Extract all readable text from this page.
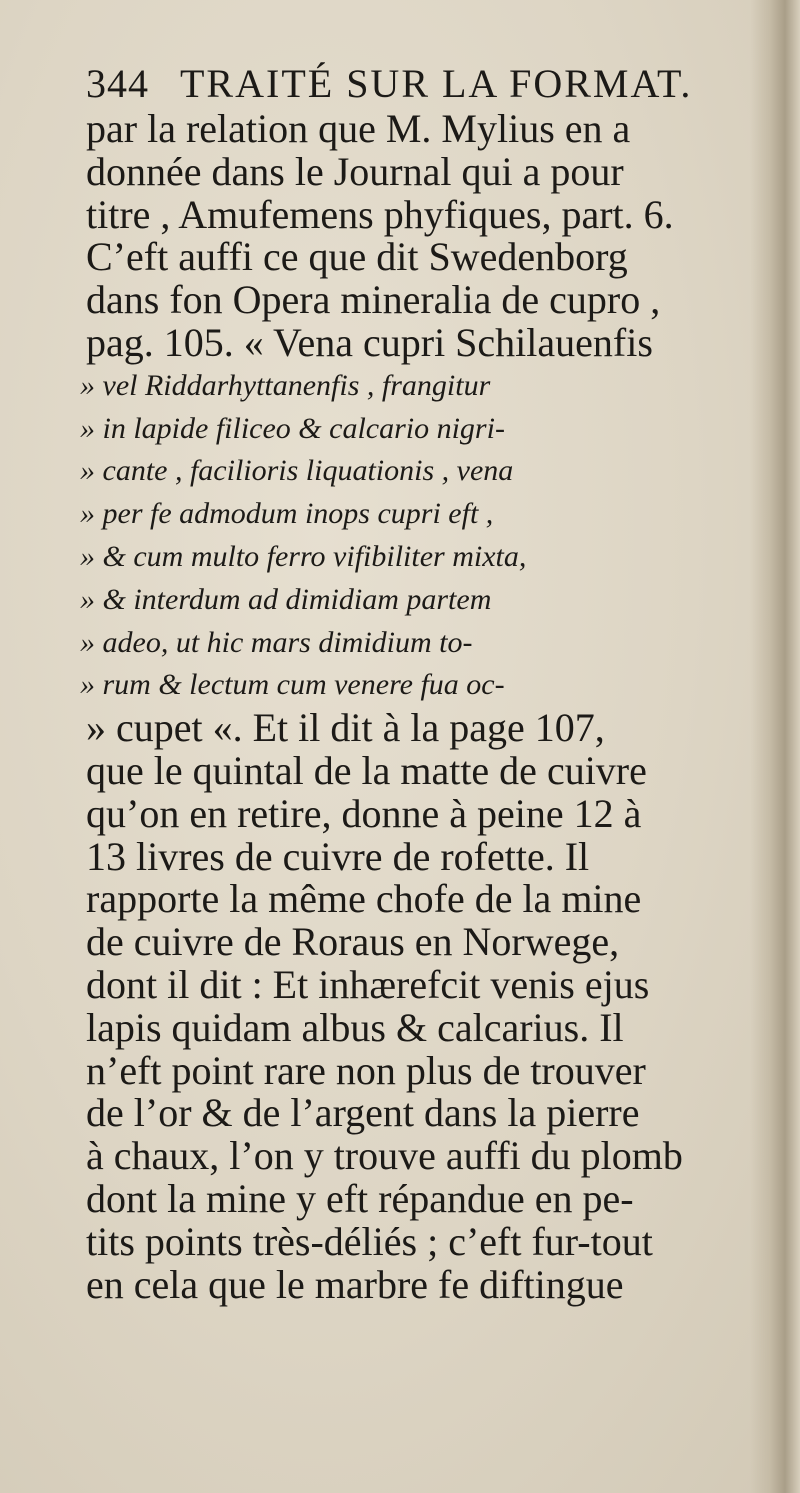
344 TRAITÉ SUR LA FORMAT.
par la relation que M. Mylius en a
donnée dans le Journal qui a pour
titre , Amufemens phyfiques, part. 6.
C’eft auffi ce que dit Swedenborg
dans fon Opera mineralia de cupro ,
pag. 105. « Vena cupri Schilauenfis
» vel Riddarhyttanenfis , frangitur
» in lapide filiceo & calcario nigri-
» cante , facilioris liquationis , vena
» per fe admodum inops cupri eft ,
» & cum multo ferro vifibiliter mixta,
» & interdum ad dimidiam partem
» adeo, ut hic mars dimidium to-
» rum & lectum cum venere fua oc-
» cupet «. Et il dit à la page 107,
que le quintal de la matte de cuivre
qu’on en retire, donne à peine 12 à
13 livres de cuivre de rofette. Il
rapporte la même chofe de la mine
de cuivre de Roraus en Norwege,
dont il dit : Et inhærefcit venis ejus
lapis quidam albus & calcarius. Il
n’eft point rare non plus de trouver
de l’or & de l’argent dans la pierre
à chaux, l’on y trouve auffi du plomb
dont la mine y eft répandue en pe-
tits points très-déliés ; c’eft fur-tout
en cela que le marbre fe diftingue
